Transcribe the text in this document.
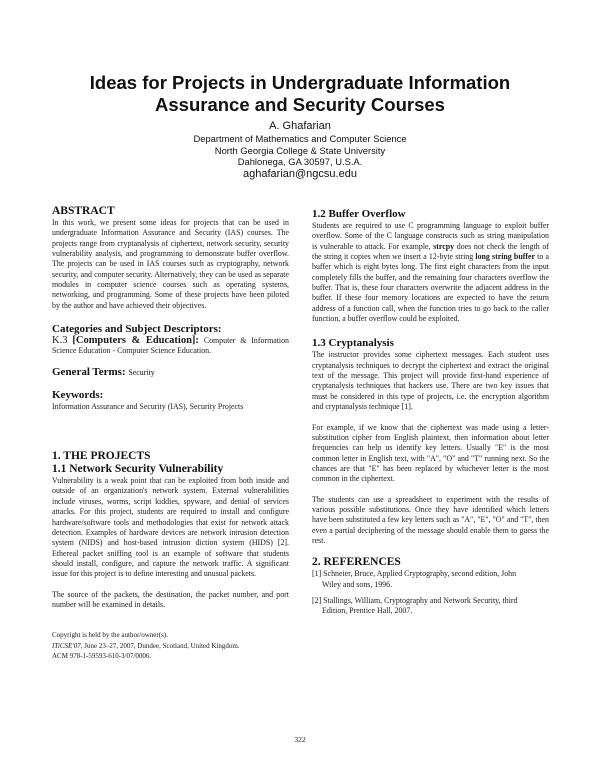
Ideas for Projects in Undergraduate Information
Assurance and Security Courses
A. Ghafarian
Department of Mathematics and Computer Science
North Georgia College & State University
Dahlonega, GA 30597, U.S.A.
aghafarian@ngcsu.edu
ABSTRACT

In this work, we present some ideas for projects that can be used in undergraduate Information Assurance and Security (IAS) courses. The projects range from cryptanalysis of ciphertext, network security, security vulnerability analysis, and programming to demonstrate buffer overflow. The projects can be used in IAS courses such as cryptography, network security, and computer security. Alternatively, they can be used as separate modules in computer science courses such as operating systems, networking, and programming. Some of these projects have been piloted by the author and have achieved their objectives.

Categories and Subject Descriptors:

K.3 [Computers & Education]: Computer & Information Science Education - Computer Science Education.

General Terms: Security
Keywords:

Information Assurance and Security (IAS), Security Projects

1. THE PROJECTS
1.1 Network Security Vulnerability

Vulnerability is a weak point that can be exploited from both inside and outside of an organization's network system. External vulnerabilities include viruses, worms, script kiddies, spyware, and denial of services attacks. For this project, students are required to install and configure hardware/software tools and methodologies that exist for network attack detection. Examples of hardware devices are network intrusion detection system (NIDS) and host-based intrusion diction system (HIDS) [2]. Ethereal packet sniffing tool is an example of software that students should install, configure, and capture the network traffic. A significant issue for this project is to define interesting and unusual packets.

The source of the packets, the destination, the packet number, and port number will be examined in details.

Copyright is held by the author/owner(s).
ITiCSE'07, June 23–27, 2007, Dundee, Scotland, United Kingdom.
ACM 978-1-59593-610-3/07/0006.
1.2 Buffer Overflow

Students are required to use C programming language to exploit buffer overflow. Some of the C language constructs such as string manipulation is vulnerable to attack. For example, strcpy does not check the length of the string it copies when we insert a 12-byte string long string buffer to a buffer which is eight bytes long. The first eight characters from the input completely fills the buffer, and the remaining four characters overflow the buffer. That is, these four characters overwrite the adjacent address in the buffer. If these four memory locations are expected to have the return address of a function call, when the function tries to go back to the caller function, a buffer overflow could be exploited.

1.3 Cryptanalysis

The instructor provides some ciphertext messages. Each student uses cryptanalysis techniques to decrypt the ciphertext and extract the original text of the message. This project will provide first-hand experience of cryptanalysis techniques that hackers use. There are two key issues that must be considered in this type of projects, i.e. the encryption algorithm and cryptanalysis technique [1].

For example, if we know that the ciphertext was made using a letter-substitution cipher from English plaintext, then information about letter frequencies can help us identify key letters. Usually "E" is the most common letter in English text, with "A", "O" and "T" running next. So the chances are that "E" has been replaced by whichever letter is the most common in the ciphertext.

The students can use a spreadsheet to experiment with the results of various possible substitutions. Once they have identified which letters have been substituted a few key letters such as "A", "E", "O" and "T", then even a partial deciphering of the message should enable them to guess the rest.

2. REFERENCES

[1] Schneier, Bruce, Applied Cryptography, second edition, John Wiley and sons, 1996.

[2] Stallings, William, Cryptography and Network Security, third Edition, Prentice Hall, 2007.

322
